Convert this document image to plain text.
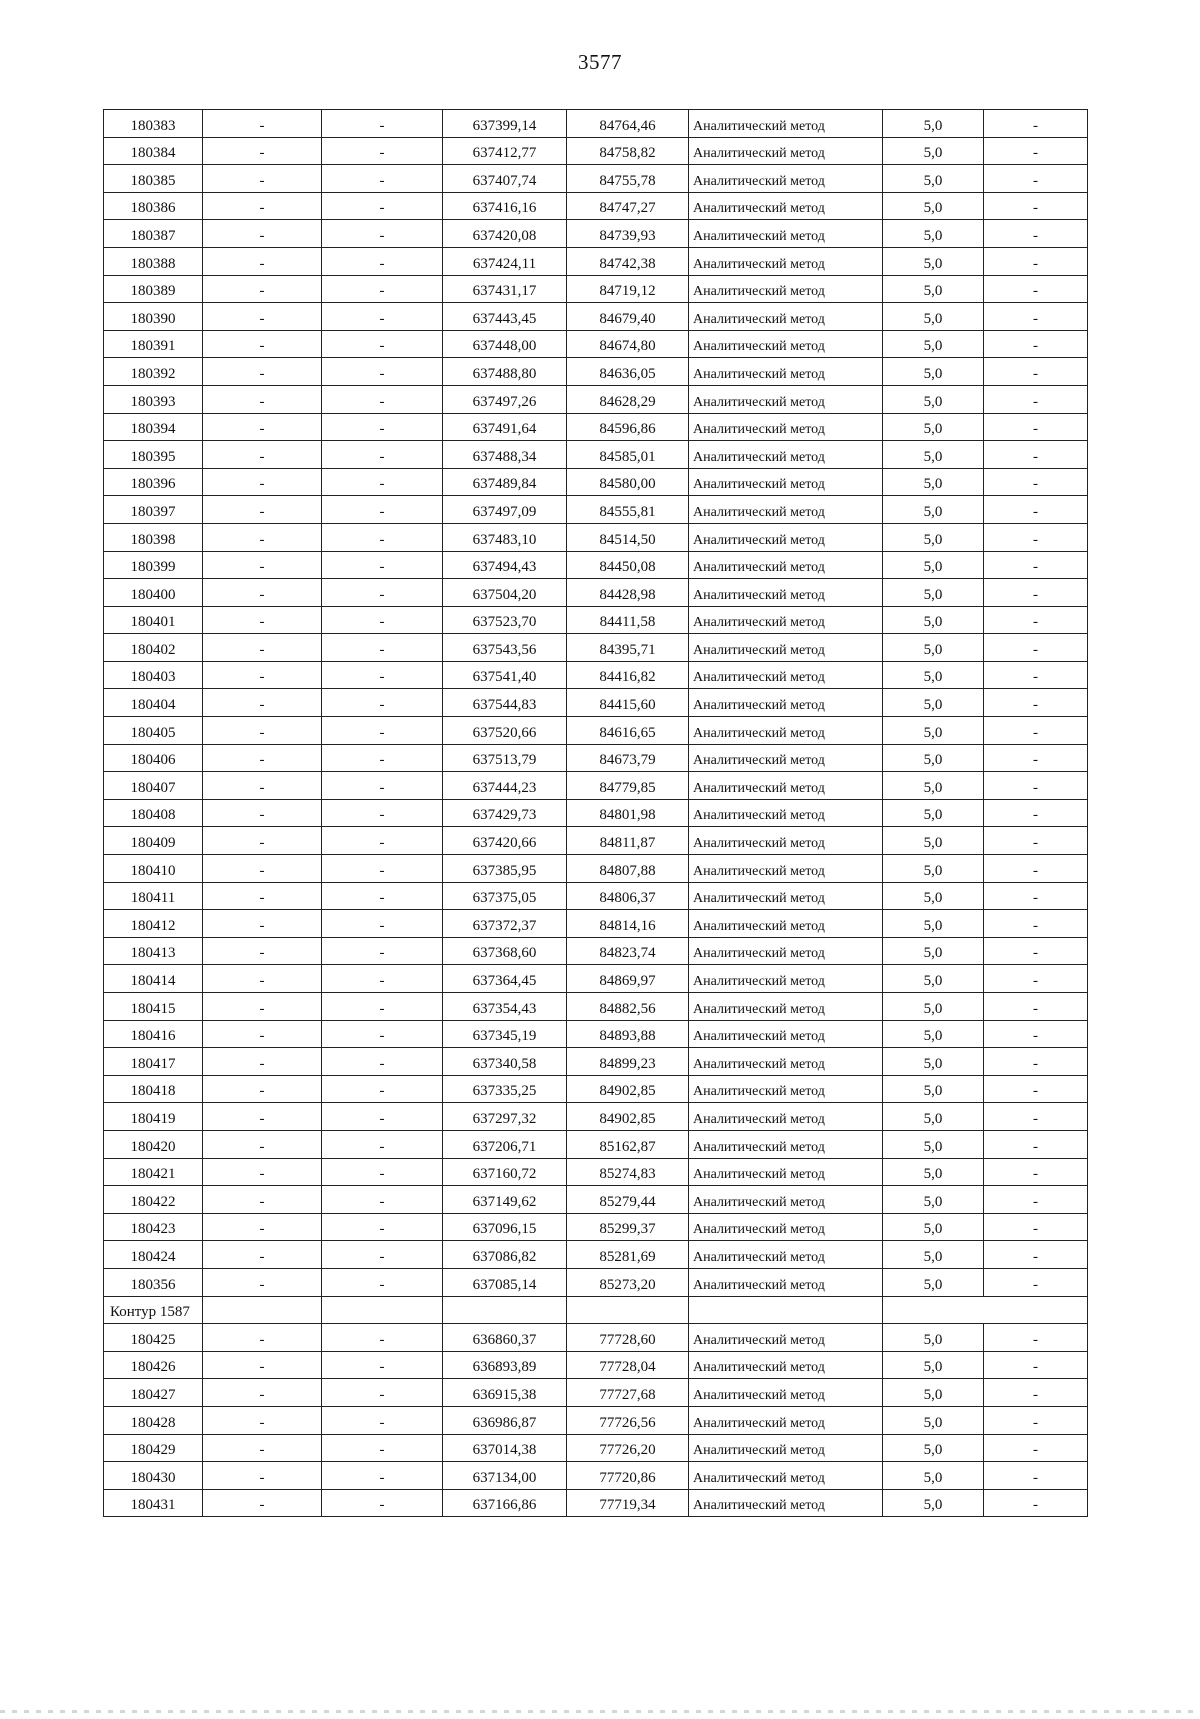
3577
180383	-	-	637399,14	84764,46	Аналитический метод	5,0	-
180384	-	-	637412,77	84758,82	Аналитический метод	5,0	-
180385	-	-	637407,74	84755,78	Аналитический метод	5,0	-
180386	-	-	637416,16	84747,27	Аналитический метод	5,0	-
180387	-	-	637420,08	84739,93	Аналитический метод	5,0	-
180388	-	-	637424,11	84742,38	Аналитический метод	5,0	-
180389	-	-	637431,17	84719,12	Аналитический метод	5,0	-
180390	-	-	637443,45	84679,40	Аналитический метод	5,0	-
180391	-	-	637448,00	84674,80	Аналитический метод	5,0	-
180392	-	-	637488,80	84636,05	Аналитический метод	5,0	-
180393	-	-	637497,26	84628,29	Аналитический метод	5,0	-
180394	-	-	637491,64	84596,86	Аналитический метод	5,0	-
180395	-	-	637488,34	84585,01	Аналитический метод	5,0	-
180396	-	-	637489,84	84580,00	Аналитический метод	5,0	-
180397	-	-	637497,09	84555,81	Аналитический метод	5,0	-
180398	-	-	637483,10	84514,50	Аналитический метод	5,0	-
180399	-	-	637494,43	84450,08	Аналитический метод	5,0	-
180400	-	-	637504,20	84428,98	Аналитический метод	5,0	-
180401	-	-	637523,70	84411,58	Аналитический метод	5,0	-
180402	-	-	637543,56	84395,71	Аналитический метод	5,0	-
180403	-	-	637541,40	84416,82	Аналитический метод	5,0	-
180404	-	-	637544,83	84415,60	Аналитический метод	5,0	-
180405	-	-	637520,66	84616,65	Аналитический метод	5,0	-
180406	-	-	637513,79	84673,79	Аналитический метод	5,0	-
180407	-	-	637444,23	84779,85	Аналитический метод	5,0	-
180408	-	-	637429,73	84801,98	Аналитический метод	5,0	-
180409	-	-	637420,66	84811,87	Аналитический метод	5,0	-
180410	-	-	637385,95	84807,88	Аналитический метод	5,0	-
180411	-	-	637375,05	84806,37	Аналитический метод	5,0	-
180412	-	-	637372,37	84814,16	Аналитический метод	5,0	-
180413	-	-	637368,60	84823,74	Аналитический метод	5,0	-
180414	-	-	637364,45	84869,97	Аналитический метод	5,0	-
180415	-	-	637354,43	84882,56	Аналитический метод	5,0	-
180416	-	-	637345,19	84893,88	Аналитический метод	5,0	-
180417	-	-	637340,58	84899,23	Аналитический метод	5,0	-
180418	-	-	637335,25	84902,85	Аналитический метод	5,0	-
180419	-	-	637297,32	84902,85	Аналитический метод	5,0	-
180420	-	-	637206,71	85162,87	Аналитический метод	5,0	-
180421	-	-	637160,72	85274,83	Аналитический метод	5,0	-
180422	-	-	637149,62	85279,44	Аналитический метод	5,0	-
180423	-	-	637096,15	85299,37	Аналитический метод	5,0	-
180424	-	-	637086,82	85281,69	Аналитический метод	5,0	-
180356	-	-	637085,14	85273,20	Аналитический метод	5,0	-
Контур 1587							
180425	-	-	636860,37	77728,60	Аналитический метод	5,0	-
180426	-	-	636893,89	77728,04	Аналитический метод	5,0	-
180427	-	-	636915,38	77727,68	Аналитический метод	5,0	-
180428	-	-	636986,87	77726,56	Аналитический метод	5,0	-
180429	-	-	637014,38	77726,20	Аналитический метод	5,0	-
180430	-	-	637134,00	77720,86	Аналитический метод	5,0	-
180431	-	-	637166,86	77719,34	Аналитический метод	5,0	-
